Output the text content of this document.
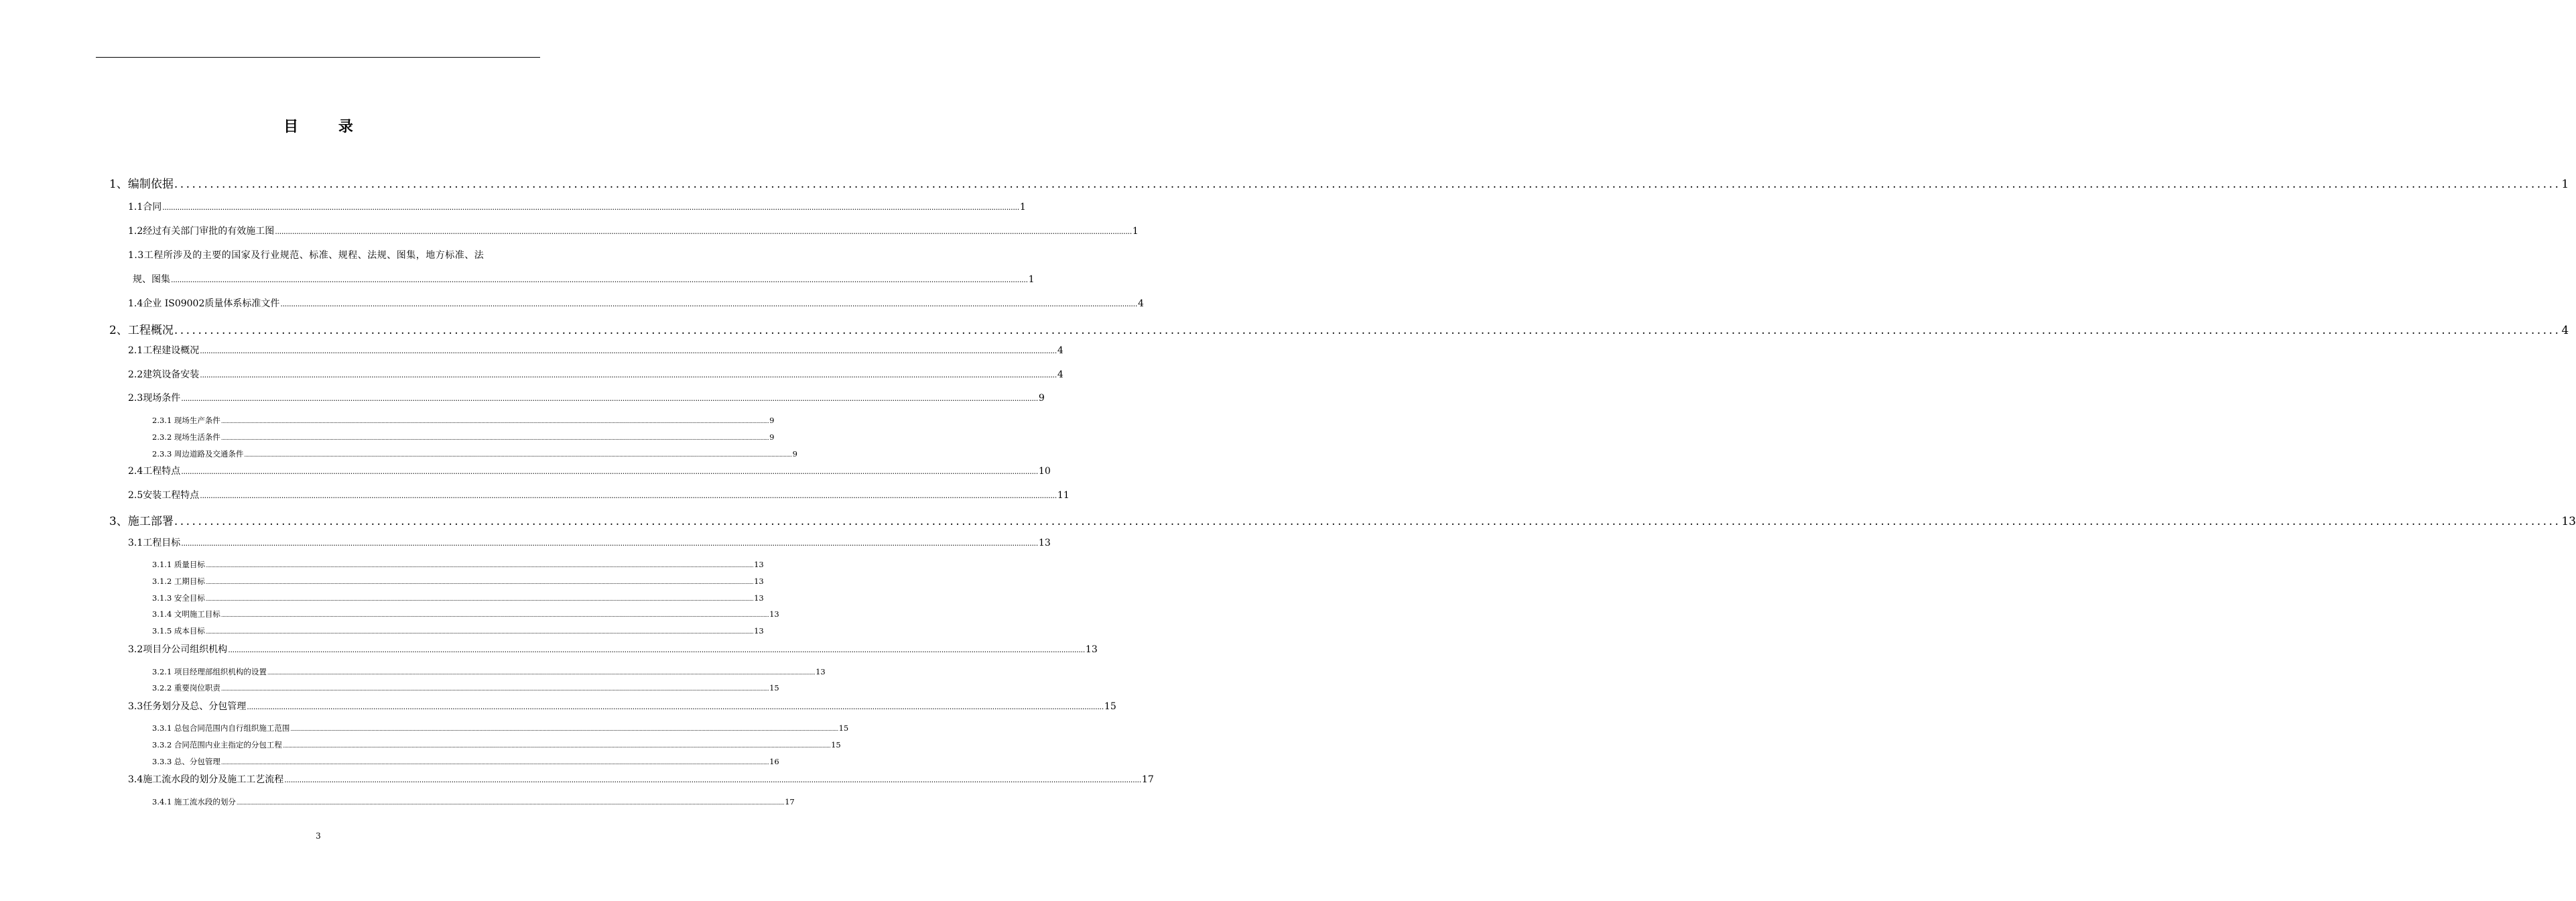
目 录
1、编制依据 ................................................................................................................................................................................................................................................................................................................................................................................................................ 1
1.1合同 ................................................................................................................................................................................................................................................................................................................................................................................................................ 1
1.2经过有关部门审批的有效施工图 ................................................................................................................................................................................................................................................................................................................................................................................................................ 1
1.3工程所涉及的主要的国家及行业规范、标准、规程、法规、图集，地方标准、法
规、图集 ................................................................................................................................................................................................................................................................................................................................................................................................................ 1
1.4企业 IS09002质量体系标准文件 ................................................................................................................................................................................................................................................................................................................................................................................................................ 4
2、工程概况 ................................................................................................................................................................................................................................................................................................................................................................................................................ 4
2.1工程建设概况 ................................................................................................................................................................................................................................................................................................................................................................................................................ 4
2.2建筑设备安装 ................................................................................................................................................................................................................................................................................................................................................................................................................ 4
2.3现场条件 ................................................................................................................................................................................................................................................................................................................................................................................................................ 9
2.3.1 现场生产条件 ................................................................................................................................................................................................................................................................................................................................................................................................................ 9
2.3.2 现场生活条件 ................................................................................................................................................................................................................................................................................................................................................................................................................ 9
2.3.3 周边道路及交通条件 ................................................................................................................................................................................................................................................................................................................................................................................................................ 9
2.4工程特点 ................................................................................................................................................................................................................................................................................................................................................................................................................ 10
2.5安装工程特点 ................................................................................................................................................................................................................................................................................................................................................................................................................ 11
3、施工部署 ................................................................................................................................................................................................................................................................................................................................................................................................................ 13
3.1工程目标 ................................................................................................................................................................................................................................................................................................................................................................................................................ 13
3.1.1 质量目标 ................................................................................................................................................................................................................................................................................................................................................................................................................ 13
3.1.2 工期目标 ................................................................................................................................................................................................................................................................................................................................................................................................................ 13
3.1.3 安全目标 ................................................................................................................................................................................................................................................................................................................................................................................................................ 13
3.1.4 文明施工目标 ................................................................................................................................................................................................................................................................................................................................................................................................................ 13
3.1.5 成本目标 ................................................................................................................................................................................................................................................................................................................................................................................................................ 13
3.2项目分公司组织机构 ................................................................................................................................................................................................................................................................................................................................................................................................................ 13
3.2.1 项目经理部组织机构的设置 ................................................................................................................................................................................................................................................................................................................................................................................................................ 13
3.2.2 重要岗位职责 ................................................................................................................................................................................................................................................................................................................................................................................................................ 15
3.3任务划分及总、分包管理 ................................................................................................................................................................................................................................................................................................................................................................................................................ 15
3.3.1 总包合同范围内自行组织施工范围 ................................................................................................................................................................................................................................................................................................................................................................................................................ 15
3.3.2 合同范围内业主指定的分包工程 ................................................................................................................................................................................................................................................................................................................................................................................................................ 15
3.3.3 总、分包管理 ................................................................................................................................................................................................................................................................................................................................................................................................................ 16
3.4施工流水段的划分及施工工艺流程 ................................................................................................................................................................................................................................................................................................................................................................................................................ 17
3.4.1 施工流水段的划分 ................................................................................................................................................................................................................................................................................................................................................................................................................ 17
3
